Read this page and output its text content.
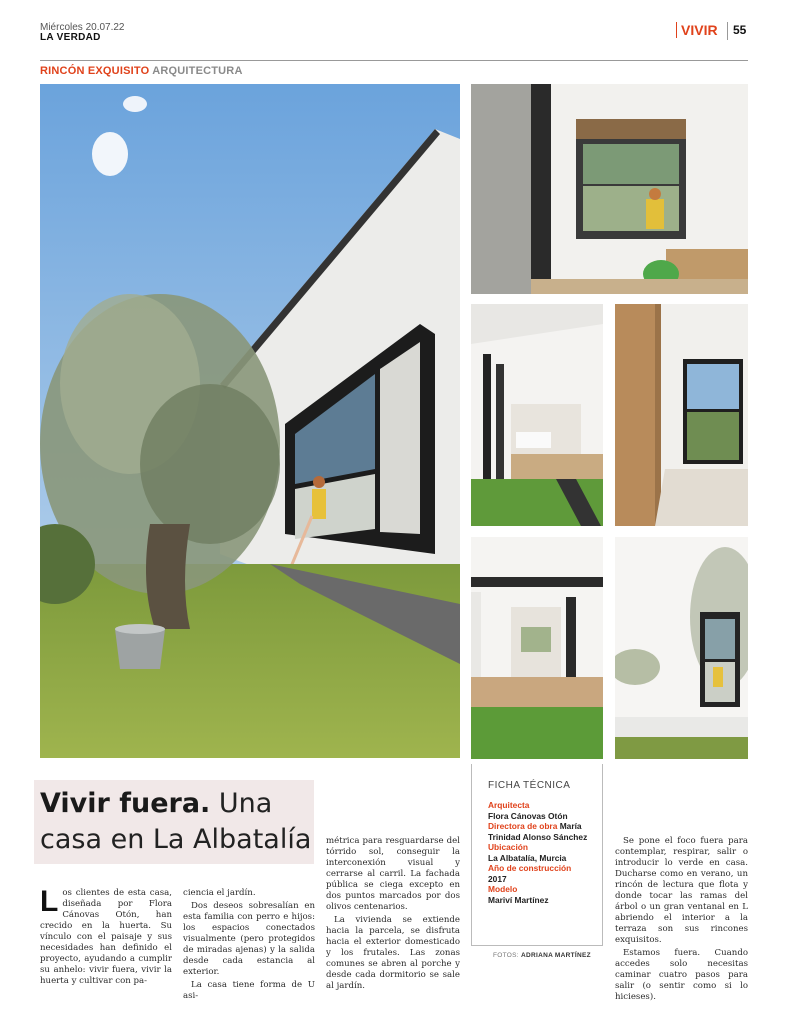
Miércoles 20.07.22
LA VERDAD	VIVIR 55
RINCÓN EXQUISITO ARQUITECTURA
Vivir fuera. Una casa en La Albatalía
L os clientes de esta casa, diseñada por Flora Cánovas Otón, han crecido en la huerta. Su vínculo con el paisaje y sus necesidades han definido el proyecto, ayudando a cumplir su anhelo: vivir fuera, vivir la huerta y cultivar con pa-

ciencia el jardín.

Dos deseos sobresalían en esta familia con perro e hijos: los espacios conectados visualmente (pero protegidos de miradas ajenas) y la salida desde cada estancia al exterior.

La casa tiene forma de U asi-

métrica para resguardarse del tórrido sol, conseguir la interconexión visual y cerrarse al carril. La fachada pública se ciega excepto en dos puntos marcados por dos olivos centenarios.

La vivienda se extiende hacia la parcela, se disfruta hacia el exterior domesticado y los frutales. Las zonas comunes se abren al porche y desde cada dormitorio se sale al jardín.

Se pone el foco fuera para contemplar, respirar, salir o introducir lo verde en casa. Ducharse como en verano, un rincón de lectura que flota y donde tocar las ramas del árbol o un gran ventanal en L abriendo el interior a la terraza son sus rincones exquisitos.

Estamos fuera. Cuando accedes solo necesitas caminar cuatro pasos para salir (o sentir como si lo hicieses).

FICHA TÉCNICA
Arquitecta
Flora Cánovas Otón
Directora de obra María Trinidad Alonso Sánchez
Ubicación
La Albatalía, Murcia
Año de construcción
2017
Modelo
Mariví Martínez
FOTOS: ADRIANA MARTÍNEZ
